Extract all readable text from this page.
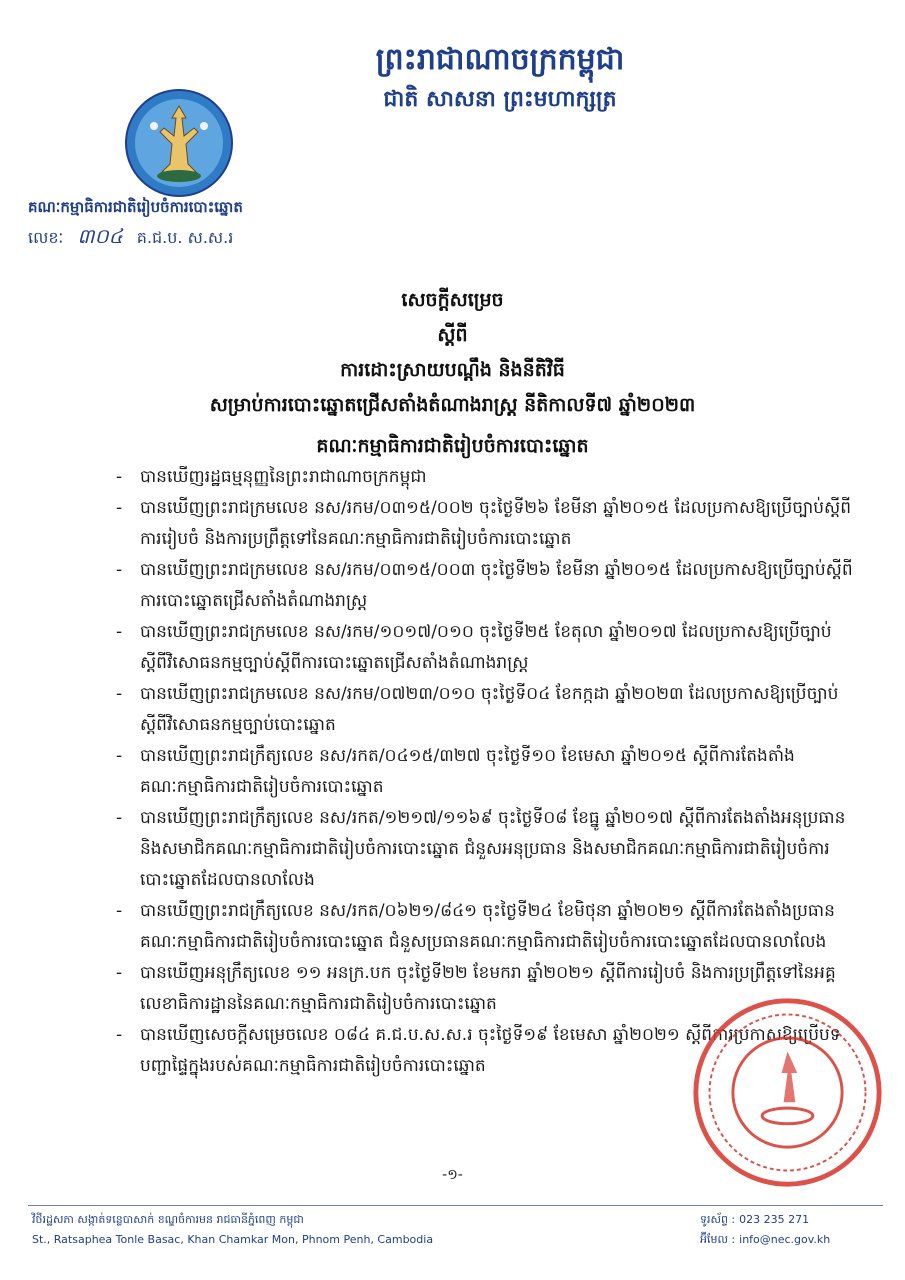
ព្រះរាជាណាចក្រកម្ពុជា
ជាតិ សាសនា ព្រះមហាក្សត្រ
គណៈកម្មាធិការជាតិរៀបចំការបោះឆ្នោត
លេខៈ ៣០៤ គ.ជ.ប. ស.ស.រ
សេចក្ដីសម្រេច
ស្ដីពី
ការដោះស្រាយបណ្ដឹង និងនីតិវិធី
សម្រាប់ការបោះឆ្នោតជ្រើសតាំងតំណាងរាស្ត្រ នីតិកាលទី៧ ឆ្នាំ២០២៣
គណៈកម្មាធិការជាតិរៀបចំការបោះឆ្នោត
- បានឃើញរដ្ឋធម្មនុញ្ញនៃព្រះរាជាណាចក្រកម្ពុជា
- បានឃើញព្រះរាជក្រមលេខ នស/រកម/០៣១៥/០០២ ចុះថ្ងៃទី២៦ ខែមីនា ឆ្នាំ២០១៥ ដែលប្រកាសឱ្យប្រើច្បាប់ស្ដីពីការរៀបចំ និងការប្រព្រឹត្តទៅនៃគណៈកម្មាធិការជាតិរៀបចំការបោះឆ្នោត
- បានឃើញព្រះរាជក្រមលេខ នស/រកម/០៣១៥/០០៣ ចុះថ្ងៃទី២៦ ខែមីនា ឆ្នាំ២០១៥ ដែលប្រកាសឱ្យប្រើច្បាប់ស្ដីពីការបោះឆ្នោតជ្រើសតាំងតំណាងរាស្ត្រ
- បានឃើញព្រះរាជក្រមលេខ នស/រកម/១០១៧/០១០ ចុះថ្ងៃទី២៥ ខែតុលា ឆ្នាំ២០១៧ ដែលប្រកាសឱ្យប្រើច្បាប់ស្ដីពីវិសោធនកម្មច្បាប់ស្ដីពីការបោះឆ្នោតជ្រើសតាំងតំណាងរាស្ត្រ
- បានឃើញព្រះរាជក្រមលេខ នស/រកម/០៧២៣/០១០ ចុះថ្ងៃទី០៤ ខែកក្កដា ឆ្នាំ២០២៣ ដែលប្រកាសឱ្យប្រើច្បាប់ស្ដីពីវិសោធនកម្មច្បាប់បោះឆ្នោត
- បានឃើញព្រះរាជក្រឹត្យលេខ នស/រកត/០៤១៥/៣២៧ ចុះថ្ងៃទី១០ ខែមេសា ឆ្នាំ២០១៥ ស្ដីពីការតែងតាំងគណៈកម្មាធិការជាតិរៀបចំការបោះឆ្នោត
- បានឃើញព្រះរាជក្រឹត្យលេខ នស/រកត/១២១៧/១១៦៩ ចុះថ្ងៃទី០៨ ខែធ្នូ ឆ្នាំ២០១៧ ស្ដីពីការតែងតាំងអនុប្រធាន និងសមាជិកគណៈកម្មាធិការជាតិរៀបចំការបោះឆ្នោត ជំនួសអនុប្រធាន និងសមាជិកគណៈកម្មាធិការជាតិរៀបចំការបោះឆ្នោតដែលបានលាលែង
- បានឃើញព្រះរាជក្រឹត្យលេខ នស/រកត/០៦២១/៨៤១ ចុះថ្ងៃទី២៤ ខែមិថុនា ឆ្នាំ២០២១ ស្ដីពីការតែងតាំងប្រធានគណៈកម្មាធិការជាតិរៀបចំការបោះឆ្នោត ជំនួសប្រធានគណៈកម្មាធិការជាតិរៀបចំការបោះឆ្នោតដែលបានលាលែង
- បានឃើញអនុក្រឹត្យលេខ ១១ អនក្រ.បក ចុះថ្ងៃទី២២ ខែមករា ឆ្នាំ២០២១ ស្ដីពីការរៀបចំ និងការប្រព្រឹត្តទៅនៃអគ្គលេខាធិការដ្ឋាននៃគណៈកម្មាធិការជាតិរៀបចំការបោះឆ្នោត
- បានឃើញសេចក្ដីសម្រេចលេខ ០៨៤ គ.ជ.ប.ស.ស.រ ចុះថ្ងៃទី១៩ ខែមេសា ឆ្នាំ២០២១ ស្ដីពីការប្រកាសឱ្យប្រើបទបញ្ជាផ្ទៃក្នុងរបស់គណៈកម្មាធិការជាតិរៀបចំការបោះឆ្នោត
-១-
វិថីរដ្ឋសភា សង្កាត់ទន្លេបាសាក់ ខណ្ឌចំការមន រាជធានីភ្នំពេញ កម្ពុជា
St., Ratsaphea Tonle Basac, Khan Chamkar Mon, Phnom Penh, Cambodia
ទូរស័ព្ទ : 023 235 271
អ៊ីមែល : info@nec.gov.kh
